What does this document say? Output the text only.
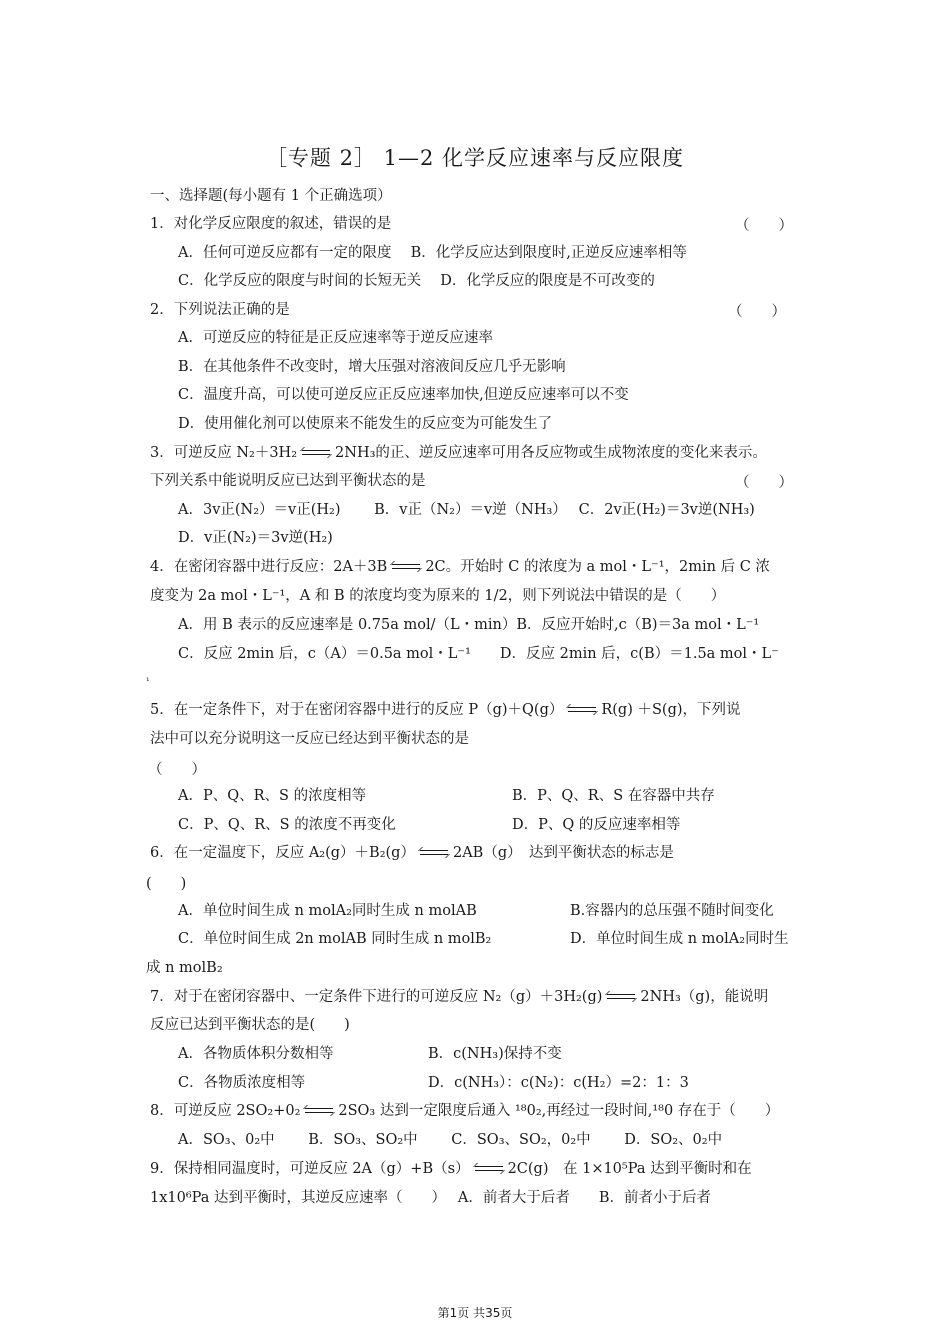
［专题 2］ 1—2 化学反应速率与反应限度
一、选择题(每小题有 1 个正确选项）
1．对化学反应限度的叙述，错误的是	（　　）
A．任何可逆反应都有一定的限度　 B．化学反应达到限度时,正逆反应速率相等
C．化学反应的限度与时间的长短无关　 D．化学反应的限度是不可改变的
2．下列说法正确的是	（　　）
A．可逆反应的特征是正反应速率等于逆反应速率
B．在其他条件不改变时，增大压强对溶液间反应几乎无影响
C．温度升高，可以使可逆反应正反应速率加快,但逆反应速率可以不变
D．使用催化剂可以使原来不能发生的反应变为可能发生了
3．可逆反应 N₂＋3H₂	2NH₃的正、逆反应速率可用各反应物或生成物浓度的变化来表示。
下列关系中能说明反应已达到平衡状态的是	（　　）
A．3v正(N₂）＝v正(H₂)　　 B．v正（N₂）＝v逆（NH₃）　 C．2v正(H₂)＝3v逆(NH₃)
D．v正(N₂)＝3v逆(H₂)
4．在密闭容器中进行反应：2A＋3B	2C。开始时 C 的浓度为 a mol・L⁻¹，2min 后 C 浓
度变为 2a mol・L⁻¹，A 和 B 的浓度均变为原来的 1/2，则下列说法中错误的是（　　）
A．用 B 表示的反应速率是 0.75a mol/（L・min）B．反应开始时,c（B)＝3a mol・L⁻¹
C．反应 2min 后，c（A）＝0.5a mol・L⁻¹　　D．反应 2min 后，c(B）＝1.5a mol・L⁻
¹
5．在一定条件下，对于在密闭容器中进行的反应 P（g)＋Q(g）	R(g) ＋S(g)，下列说
法中可以充分说明这一反应已经达到平衡状态的是
（　　）
A．P、Q、R、S 的浓度相等	B．P、Q、R、S 在容器中共存
C．P、Q、R、S 的浓度不再变化	D．P、Q 的反应速率相等
6．在一定温度下，反应 A₂(g）＋B₂(g）	2AB（g）　达到平衡状态的标志是
(　　)
A．单位时间生成 n molA₂同时生成 n molAB	B.容器内的总压强不随时间变化
C．单位时间生成 2n molAB 同时生成 n molB₂	D．单位时间生成 n molA₂同时生
成 n molB₂
7．对于在密闭容器中、一定条件下进行的可逆反应 N₂（g）＋3H₂(g)	2NH₃（g)，能说明
反应已达到平衡状态的是(　　)
A．各物质体积分数相等	B．c(NH₃)保持不变
C．各物质浓度相等	D．c(NH₃）：c(N₂)：c(H₂）=2：1：3
8．可逆反应 2SO₂+0₂	2SO₃ 达到一定限度后通入 ¹⁸0₂,再经过一段时间,¹⁸0 存在于（　　）
A．SO₃、0₂中　　 B．SO₃、SO₂中　　 C．SO₃、SO₂，0₂中　　 D．SO₂、0₂中
9．保持相同温度时，可逆反应 2A（g）+B（s）	2C(g)　在 1×10⁵Pa 达到平衡时和在
1x10⁶Pa 达到平衡时，其逆反应速率（　　）　 A．前者大于后者　　B．前者小于后者
第1页 共35页
